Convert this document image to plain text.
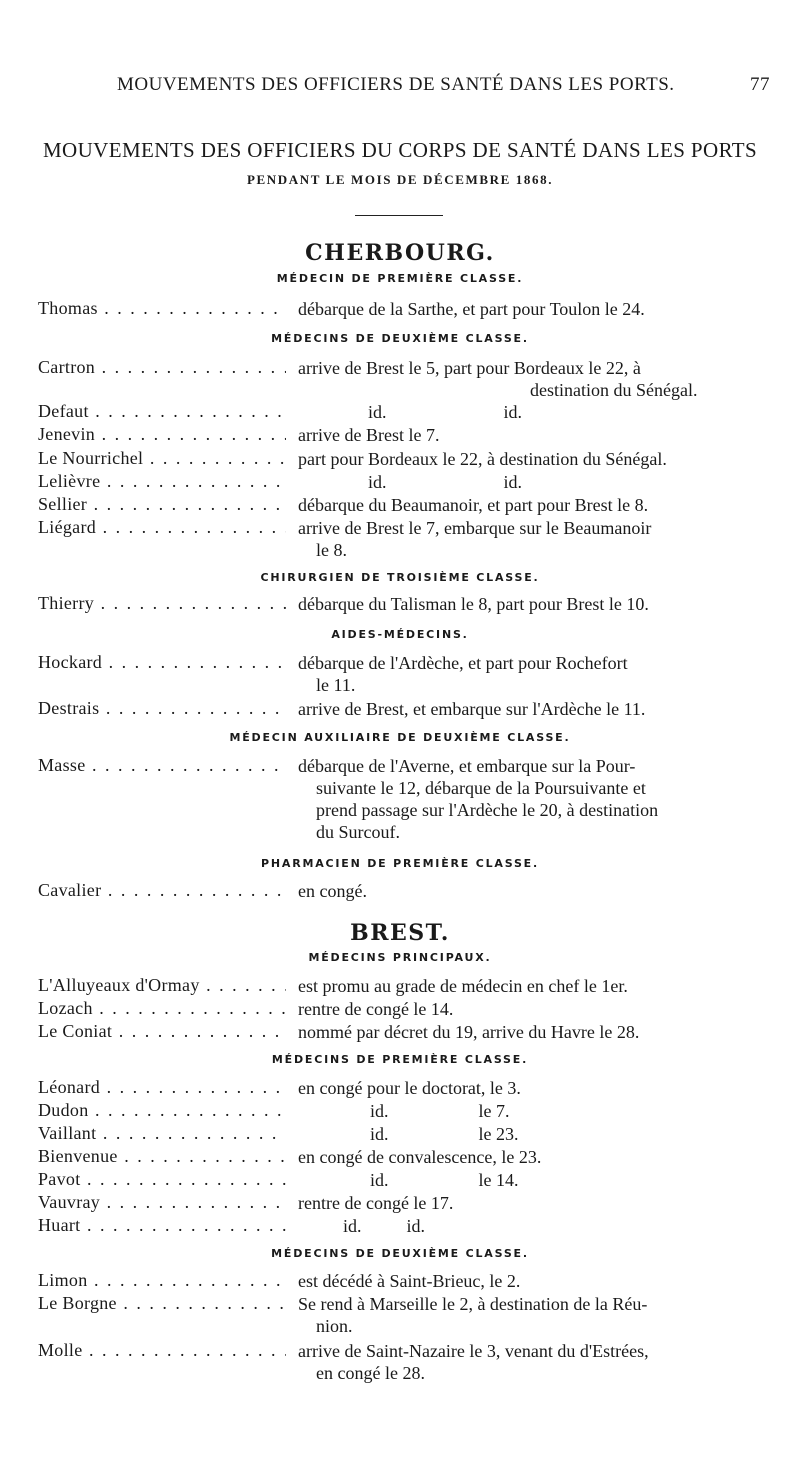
MOUVEMENTS DES OFFICIERS DE SANTÉ DANS LES PORTS.	77
MOUVEMENTS DES OFFICIERS DU CORPS DE SANTÉ DANS LES PORTS
PENDANT LE MOIS DE DÉCEMBRE 1868.
CHERBOURG.
MÉDECIN DE PREMIÈRE CLASSE.
Thomas . . .	débarque de la Sarthe, et part pour Toulon le 24.
MÉDECINS DE DEUXIÈME CLASSE.
Cartron . . .	arrive de Brest le 5, part pour Bordeaux le 22, à
destination du Sénégal.
Defaut . . .	id.                          id.
Jenevin . . .	arrive de Brest le 7.
Le Nourrichel . . .	part pour Bordeaux le 22, à destination du Sénégal.
Lelièvre . . .	id.                          id.
Sellier . . .	débarque du Beaumanoir, et part pour Brest le 8.
Liégard . . .	arrive de Brest le 7, embarque sur le Beaumanoir
le 8.
CHIRURGIEN DE TROISIÈME CLASSE.
Thierry . . .	débarque du Talisman le 8, part pour Brest le 10.
AIDES-MÉDECINS.
Hockard . . .	débarque de l'Ardèche, et part pour Rochefort
le 11.
Destrais . . .	arrive de Brest, et embarque sur l'Ardèche le 11.
MÉDECIN AUXILIAIRE DE DEUXIÈME CLASSE.
Masse . . .	débarque de l'Averne, et embarque sur la Pour-
suivante le 12, débarque de la Poursuivante et
prend passage sur l'Ardèche le 20, à destination
du Surcouf.
PHARMACIEN DE PREMIÈRE CLASSE.
Cavalier . . .	en congé.
BREST.
MÉDECINS PRINCIPAUX.
L'Alluyeaux d'Ormay . . .	est promu au grade de médecin en chef le 1er.
Lozach . . .	rentre de congé le 14.
Le Coniat . . .	nommé par décret du 19, arrive du Havre le 28.
MÉDECINS DE PREMIÈRE CLASSE.
Léonard . . .	en congé pour le doctorat, le 3.
Dudon . . .	id.                    le 7.
Vaillant . . .	id.                    le 23.
Bienvenue . . .	en congé de convalescence, le 23.
Pavot . . .	id.                    le 14.
Vauvray . . .	rentre de congé le 17.
Huart . . .	id.          id.
MÉDECINS DE DEUXIÈME CLASSE.
Limon . . .	est décédé à Saint-Brieuc, le 2.
Le Borgne . . .	Se rend à Marseille le 2, à destination de la Réu-
nion.
Molle . . .	arrive de Saint-Nazaire le 3, venant du d'Estrées,
en congé le 28.
